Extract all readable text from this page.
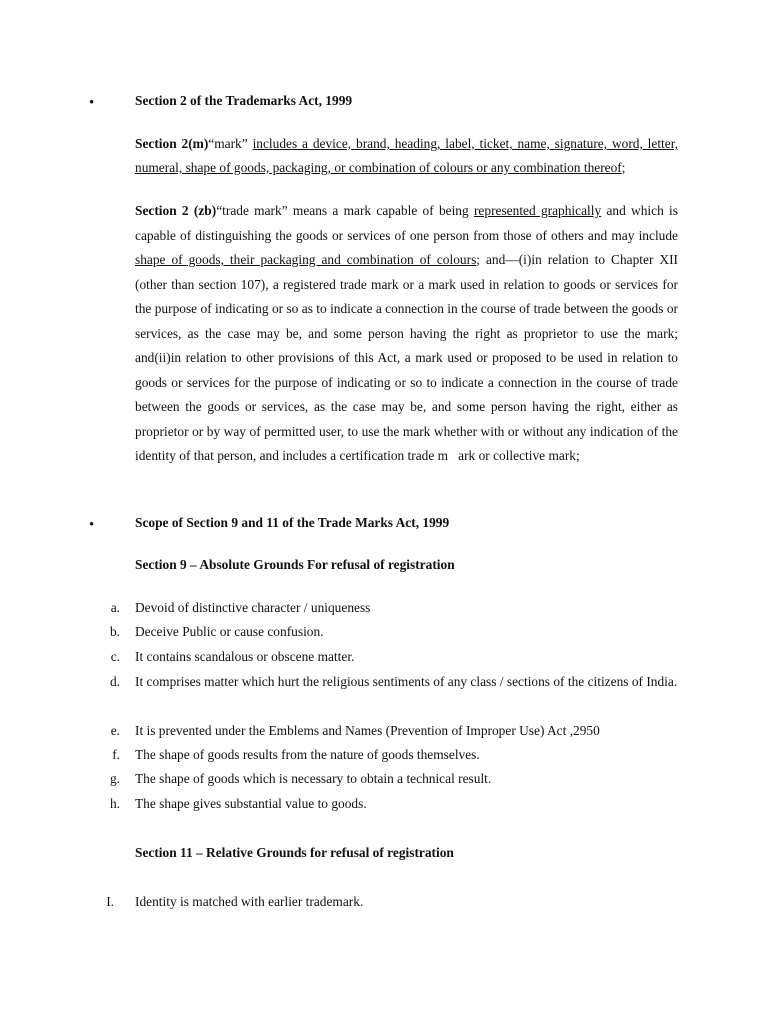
•	Section 2 of the Trademarks Act, 1999

Section 2(m)“mark” includes a device, brand, heading, label, ticket, name, signature, word, letter, numeral, shape of goods, packaging, or combination of colours or any combination thereof;

Section 2 (zb)“trade mark” means a mark capable of being represented graphically and which is capable of distinguishing the goods or services of one person from those of others and may include shape of goods, their packaging and combination of colours; and—(i)in relation to Chapter XII (other than section 107), a registered trade mark or a mark used in relation to goods or services for the purpose of indicating or so as to indicate a connection in the course of trade between the goods or services, as the case may be, and some person having the right as proprietor to use the mark; and(ii)in relation to other provisions of this Act, a mark used or proposed to be used in relation to goods or services for the purpose of indicating or so to indicate a connection in the course of trade between the goods or services, as the case may be, and some person having the right, either as proprietor or by way of permitted user, to use the mark whether with or without any indication of the identity of that person, and includes a certification trade m   ark or collective mark;

•	Scope of Section 9 and 11 of the Trade Marks Act, 1999
Section 9 – Absolute Grounds For refusal of registration
a. Devoid of distinctive character / uniqueness
b. Deceive Public or cause confusion.
c. It contains scandalous or obscene matter.
d. It comprises matter which hurt the religious sentiments of any class / sections of the citizens of India.
e. It is prevented under the Emblems and Names (Prevention of Improper Use) Act ,2950
f. The shape of goods results from the nature of goods themselves.
g. The shape of goods which is necessary to obtain a technical result.
h. The shape gives substantial value to goods.
Section 11 – Relative Grounds for refusal of registration
I. Identity is matched with earlier trademark.
